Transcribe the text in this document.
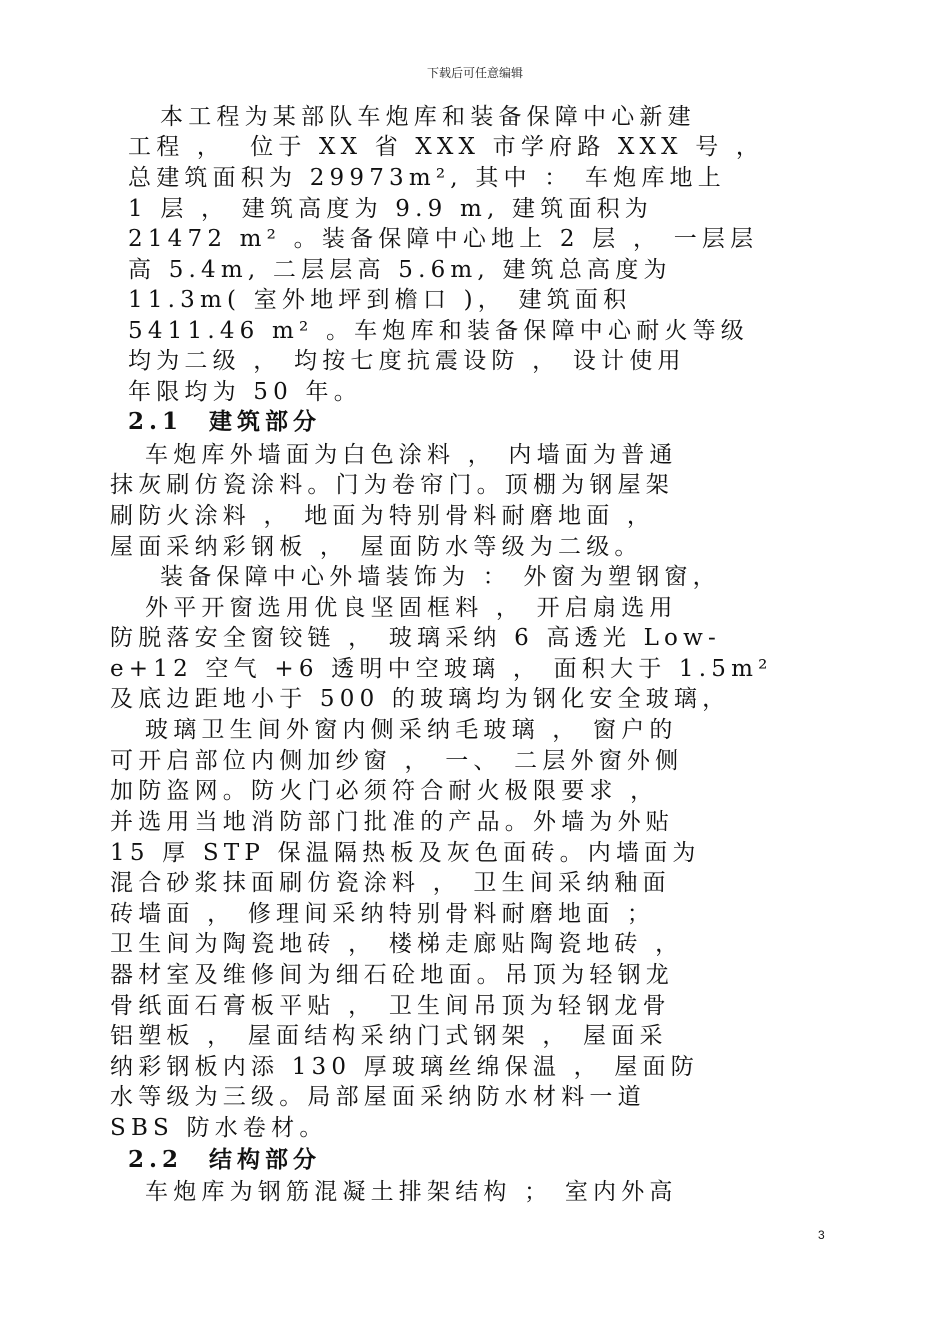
下载后可任意编辑
本工程为某部队车炮库和装备保障中心新建
工程 ，  位于 XX 省 XXX 市学府路 XXX 号 ，
总建筑面积为 29973m², 其中 ： 车炮库地上
1 层 ， 建筑高度为 9.9 m, 建筑面积为
21472 m² 。装备保障中心地上 2 层 ， 一层层
高 5.4m, 二层层高 5.6m, 建筑总高度为
11.3m( 室外地坪到檐口 )， 建筑面积
5411.46 m² 。车炮库和装备保障中心耐火等级
均为二级 ， 均按七度抗震设防 ， 设计使用
年限均为 50 年。
2.1  建筑部分
车炮库外墙面为白色涂料 ， 内墙面为普通
抹灰刷仿瓷涂料。门为卷帘门。顶棚为钢屋架
刷防火涂料 ， 地面为特别骨料耐磨地面 ，
屋面采纳彩钢板 ， 屋面防水等级为二级。
装备保障中心外墙装饰为 ： 外窗为塑钢窗，
外平开窗选用优良坚固框料 ， 开启扇选用
防脱落安全窗铰链 ， 玻璃采纳 6 高透光 Low-
e+12 空气 +6 透明中空玻璃 ， 面积大于 1.5m²
及底边距地小于 500 的玻璃均为钢化安全玻璃，
玻璃卫生间外窗内侧采纳毛玻璃 ， 窗户的
可开启部位内侧加纱窗 ， 一、 二层外窗外侧
加防盗网。防火门必须符合耐火极限要求 ，
并选用当地消防部门批准的产品。外墙为外贴
15 厚 STP 保温隔热板及灰色面砖。内墙面为
混合砂浆抹面刷仿瓷涂料 ， 卫生间采纳釉面
砖墙面 ， 修理间采纳特别骨料耐磨地面 ；
卫生间为陶瓷地砖 ， 楼梯走廊贴陶瓷地砖 ，
器材室及维修间为细石砼地面。吊顶为轻钢龙
骨纸面石膏板平贴 ， 卫生间吊顶为轻钢龙骨
铝塑板 ， 屋面结构采纳门式钢架 ， 屋面采
纳彩钢板内添 130 厚玻璃丝绵保温 ， 屋面防
水等级为三级。局部屋面采纳防水材料一道
SBS 防水卷材。
2.2  结构部分
车炮库为钢筋混凝土排架结构 ； 室内外高
3
